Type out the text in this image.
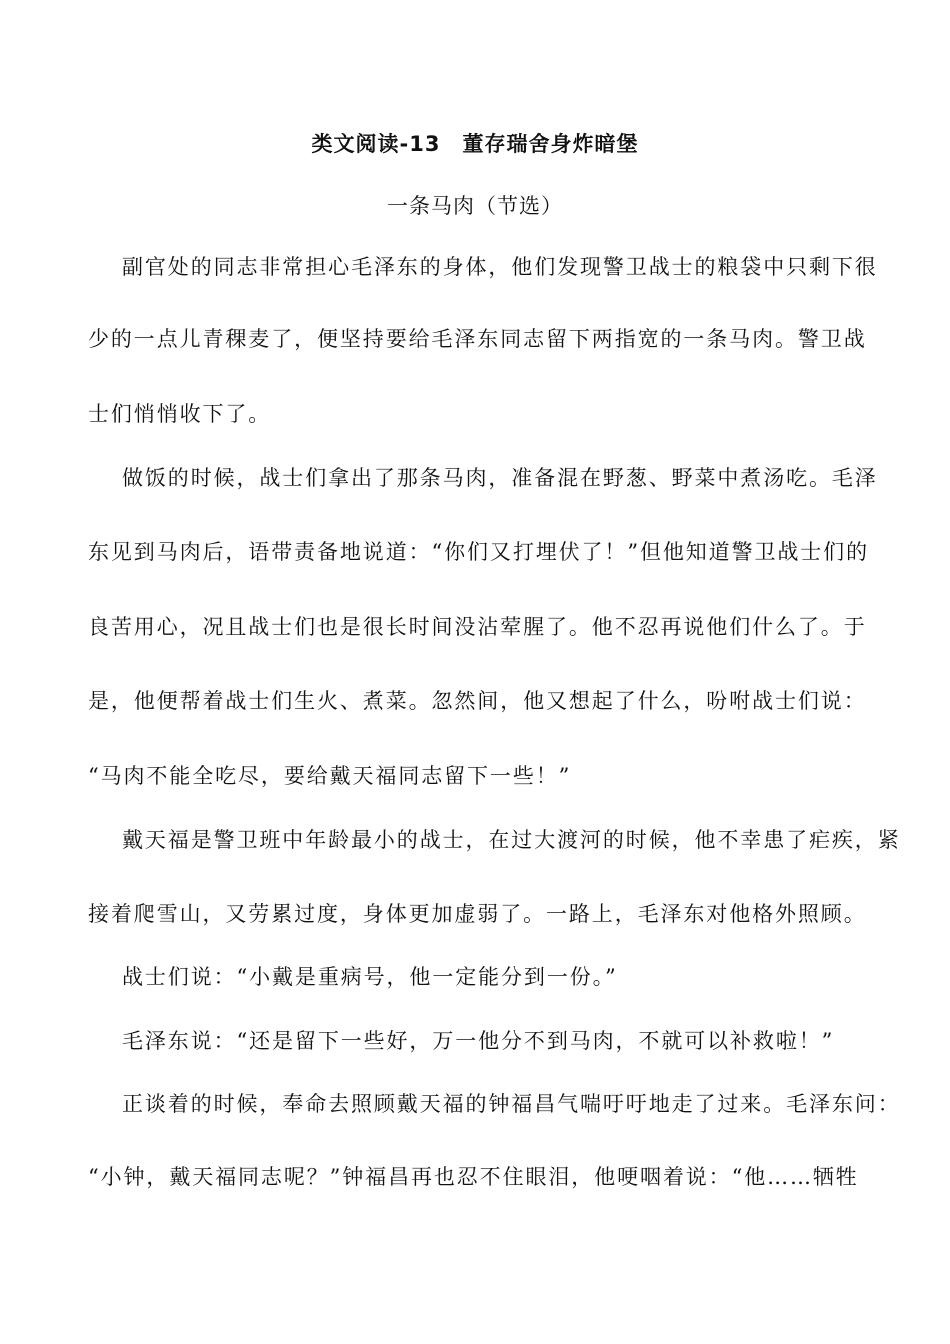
类文阅读-13　董存瑞舍身炸暗堡
一条马肉（节选）
副官处的同志非常担心毛泽东的身体，他们发现警卫战士的粮袋中只剩下很
少的一点儿青稞麦了，便坚持要给毛泽东同志留下两指宽的一条马肉。警卫战
士们悄悄收下了。
做饭的时候，战士们拿出了那条马肉，准备混在野葱、野菜中煮汤吃。毛泽
东见到马肉后，语带责备地说道：“你们又打埋伏了！”但他知道警卫战士们的
良苦用心，况且战士们也是很长时间没沾荤腥了。他不忍再说他们什么了。于
是，他便帮着战士们生火、煮菜。忽然间，他又想起了什么，吩咐战士们说：
“马肉不能全吃尽，要给戴天福同志留下一些！”
戴天福是警卫班中年龄最小的战士，在过大渡河的时候，他不幸患了疟疾，紧
接着爬雪山，又劳累过度，身体更加虚弱了。一路上，毛泽东对他格外照顾。
战士们说：“小戴是重病号，他一定能分到一份。”
毛泽东说：“还是留下一些好，万一他分不到马肉，不就可以补救啦！”
正谈着的时候，奉命去照顾戴天福的钟福昌气喘吁吁地走了过来。毛泽东问：
“小钟，戴天福同志呢？”钟福昌再也忍不住眼泪，他哽咽着说：“他……牺牲
